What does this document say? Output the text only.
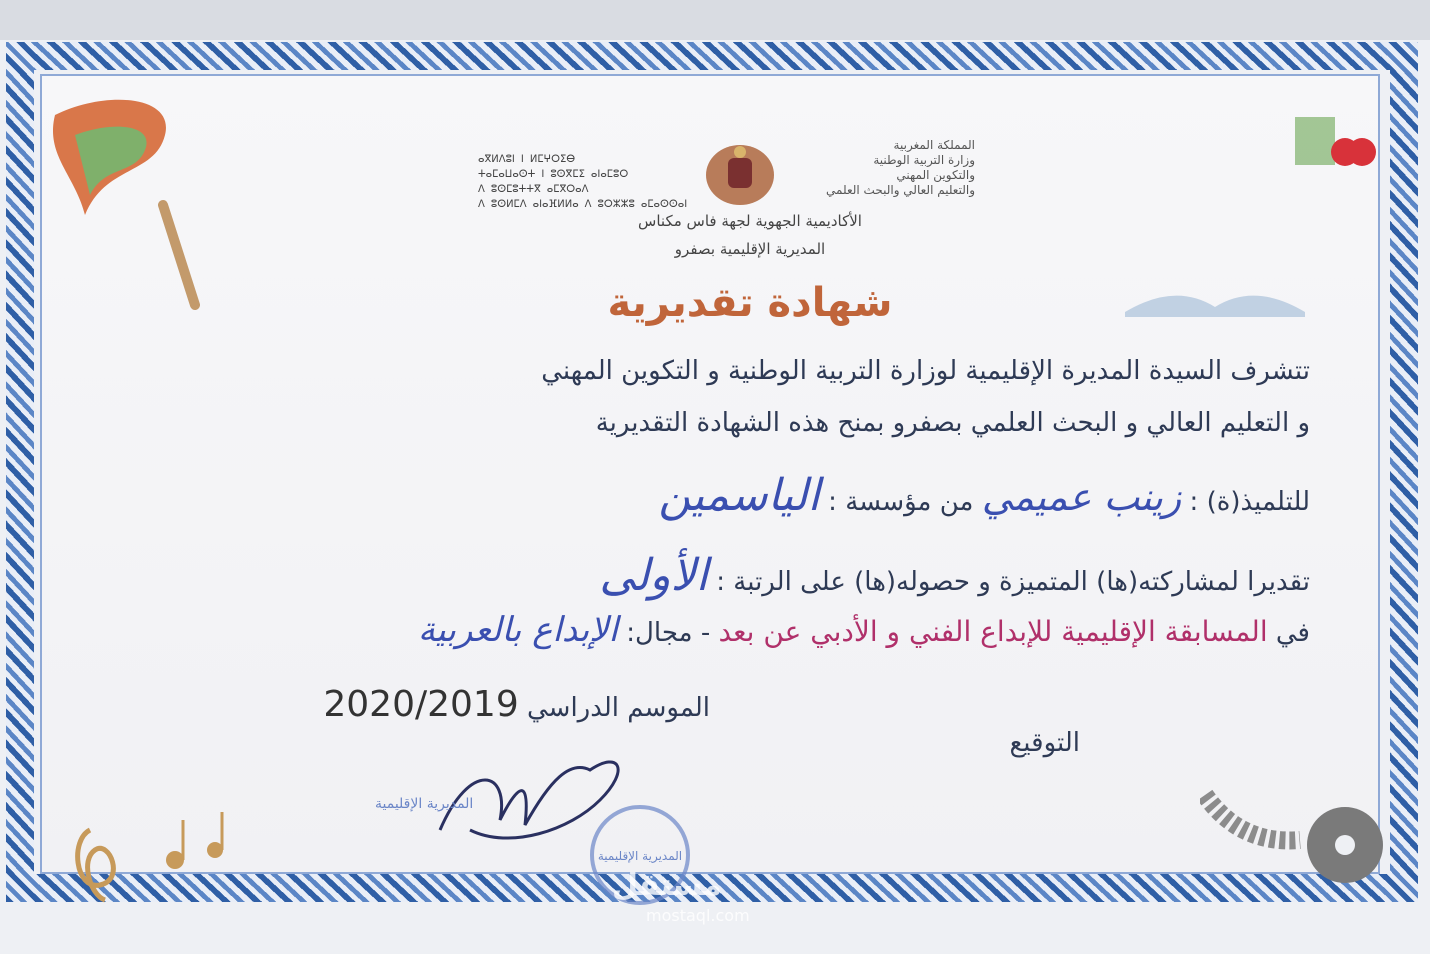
المملكة المغربية
وزارة التربية الوطنية
والتكوين المهني
والتعليم العالي والبحث العلمي
ⴰⴳⵍⴷⵓⵏ ⵏ ⵍⵎⵖⵔⵉⴱ
ⵜⴰⵎⴰⵡⴰⵙⵜ ⵏ ⵓⵙⴳⵎⵉ ⴰⵏⴰⵎⵓⵔ
ⴷ ⵓⵙⵎⵓⵜⵜⴳ ⴰⵎⴳⵔⴰⴷ
ⴷ ⵓⵙⵍⵎⴷ ⴰⵏⴰⴼⵍⵍⴰ ⴷ ⵓⵔⵣⵣⵓ ⴰⵎⴰⵙⵙⴰⵏ
الأكاديمية الجهوية لجهة فاس مكناس
المديرية الإقليمية بصفرو
شهادة تقديرية
تتشرف السيدة المديرة الإقليمية لوزارة التربية الوطنية و التكوين المهني
و التعليم العالي و البحث العلمي بصفرو بمنح هذه الشهادة التقديرية
للتلميذ(ة) : زينب عميمي من مؤسسة : الياسمين
تقديرا لمشاركته(ها) المتميزة و حصوله(ها) على الرتبة : الأولى
في المسابقة الإقليمية للإبداع الفني و الأدبي عن بعد - مجال: الإبداع بالعربية
الموسم الدراسي 2020/2019
التوقيع
المديرية الإقليمية
المديرية الإقليمية
مستقل
mostaql.com
